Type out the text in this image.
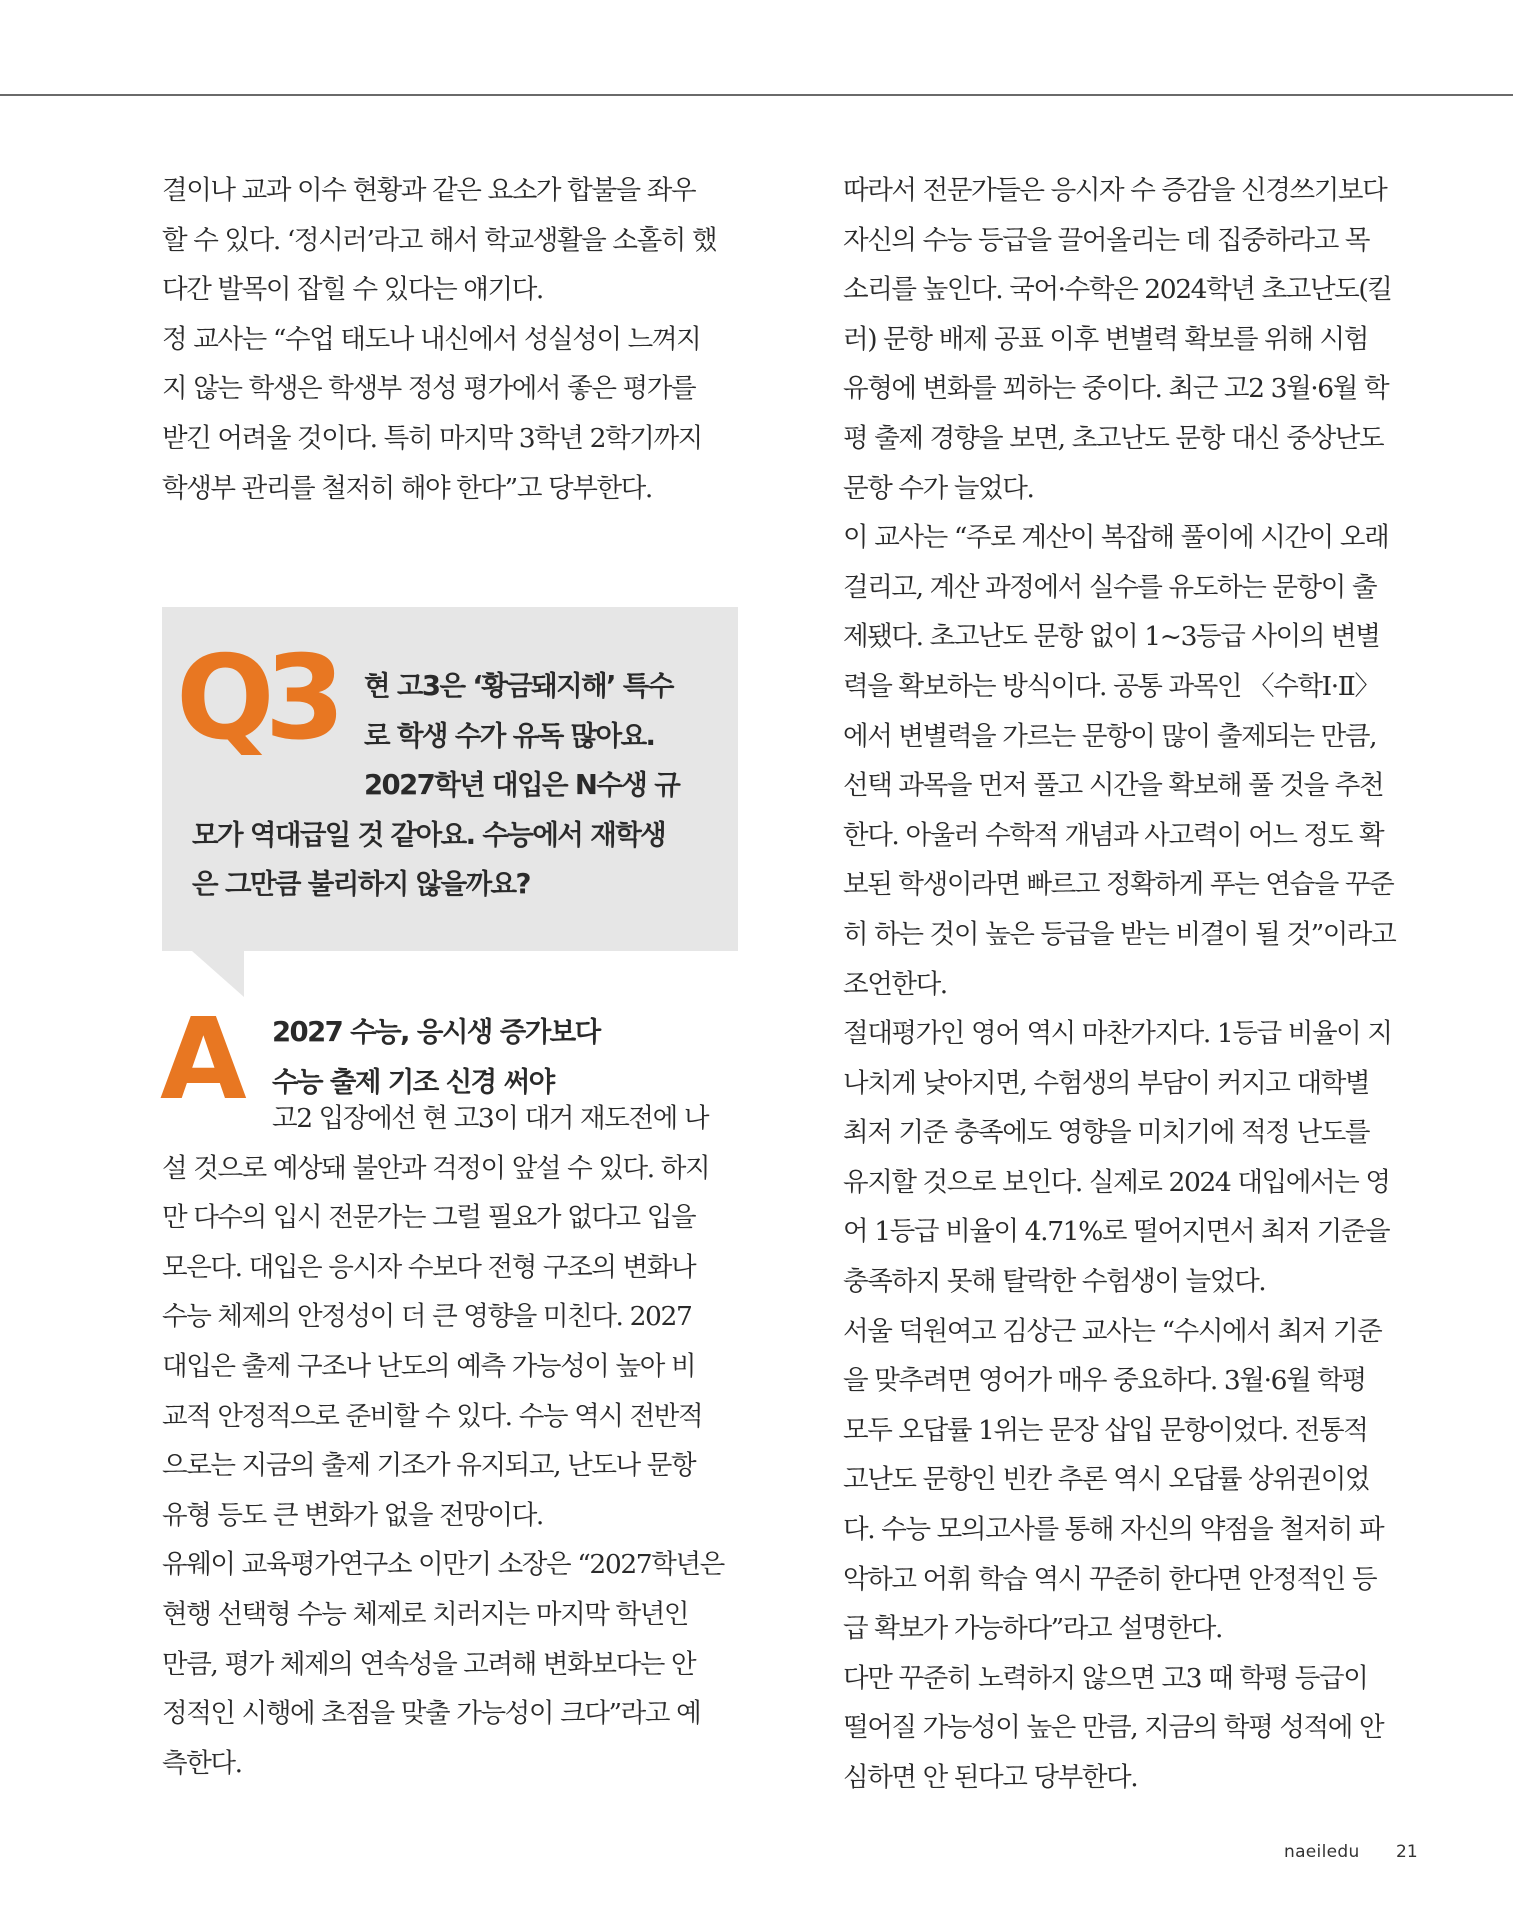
결이나 교과 이수 현황과 같은 요소가 합불을 좌우
할 수 있다. ‘정시러’라고 해서 학교생활을 소홀히 했
다간 발목이 잡힐 수 있다는 얘기다.

정 교사는 “수업 태도나 내신에서 성실성이 느껴지
지 않는 학생은 학생부 정성 평가에서 좋은 평가를
받긴 어려울 것이다. 특히 마지막 3학년 2학기까지
학생부 관리를 철저히 해야 한다”고 당부한다.

Q3	현 고3은 ‘황금돼지해’ 특수
로 학생 수가 유독 많아요.
2027학년 대입은 N수생 규
모가 역대급일 것 같아요. 수능에서 재학생
은 그만큼 불리하지 않을까요?
A 2027 수능, 응시생 증가보다
수능 출제 기조 신경 써야

고2 입장에선 현 고3이 대거 재도전에 나
설 것으로 예상돼 불안과 걱정이 앞설 수 있다. 하지
만 다수의 입시 전문가는 그럴 필요가 없다고 입을
모은다. 대입은 응시자 수보다 전형 구조의 변화나
수능 체제의 안정성이 더 큰 영향을 미친다. 2027
대입은 출제 구조나 난도의 예측 가능성이 높아 비
교적 안정적으로 준비할 수 있다. 수능 역시 전반적
으로는 지금의 출제 기조가 유지되고, 난도나 문항
유형 등도 큰 변화가 없을 전망이다.

유웨이 교육평가연구소 이만기 소장은 “2027학년은
현행 선택형 수능 체제로 치러지는 마지막 학년인
만큼, 평가 체제의 연속성을 고려해 변화보다는 안
정적인 시행에 초점을 맞출 가능성이 크다”라고 예
측한다.

따라서 전문가들은 응시자 수 증감을 신경쓰기보다
자신의 수능 등급을 끌어올리는 데 집중하라고 목
소리를 높인다. 국어·수학은 2024학년 초고난도(킬
러) 문항 배제 공표 이후 변별력 확보를 위해 시험
유형에 변화를 꾀하는 중이다. 최근 고2 3월·6월 학
평 출제 경향을 보면, 초고난도 문항 대신 중상난도
문항 수가 늘었다.

이 교사는 “주로 계산이 복잡해 풀이에 시간이 오래
걸리고, 계산 과정에서 실수를 유도하는 문항이 출
제됐다. 초고난도 문항 없이 1~3등급 사이의 변별
력을 확보하는 방식이다. 공통 과목인 〈수학Ⅰ·Ⅱ〉
에서 변별력을 가르는 문항이 많이 출제되는 만큼,
선택 과목을 먼저 풀고 시간을 확보해 풀 것을 추천
한다. 아울러 수학적 개념과 사고력이 어느 정도 확
보된 학생이라면 빠르고 정확하게 푸는 연습을 꾸준
히 하는 것이 높은 등급을 받는 비결이 될 것”이라고
조언한다.

절대평가인 영어 역시 마찬가지다. 1등급 비율이 지
나치게 낮아지면, 수험생의 부담이 커지고 대학별
최저 기준 충족에도 영향을 미치기에 적정 난도를
유지할 것으로 보인다. 실제로 2024 대입에서는 영
어 1등급 비율이 4.71%로 떨어지면서 최저 기준을
충족하지 못해 탈락한 수험생이 늘었다.

서울 덕원여고 김상근 교사는 “수시에서 최저 기준
을 맞추려면 영어가 매우 중요하다. 3월·6월 학평
모두 오답률 1위는 문장 삽입 문항이었다. 전통적
고난도 문항인 빈칸 추론 역시 오답률 상위권이었
다. 수능 모의고사를 통해 자신의 약점을 철저히 파
악하고 어휘 학습 역시 꾸준히 한다면 안정적인 등
급 확보가 가능하다”라고 설명한다.

다만 꾸준히 노력하지 않으면 고3 때 학평 등급이
떨어질 가능성이 높은 만큼, 지금의 학평 성적에 안
심하면 안 된다고 당부한다.

naeiledu 21
